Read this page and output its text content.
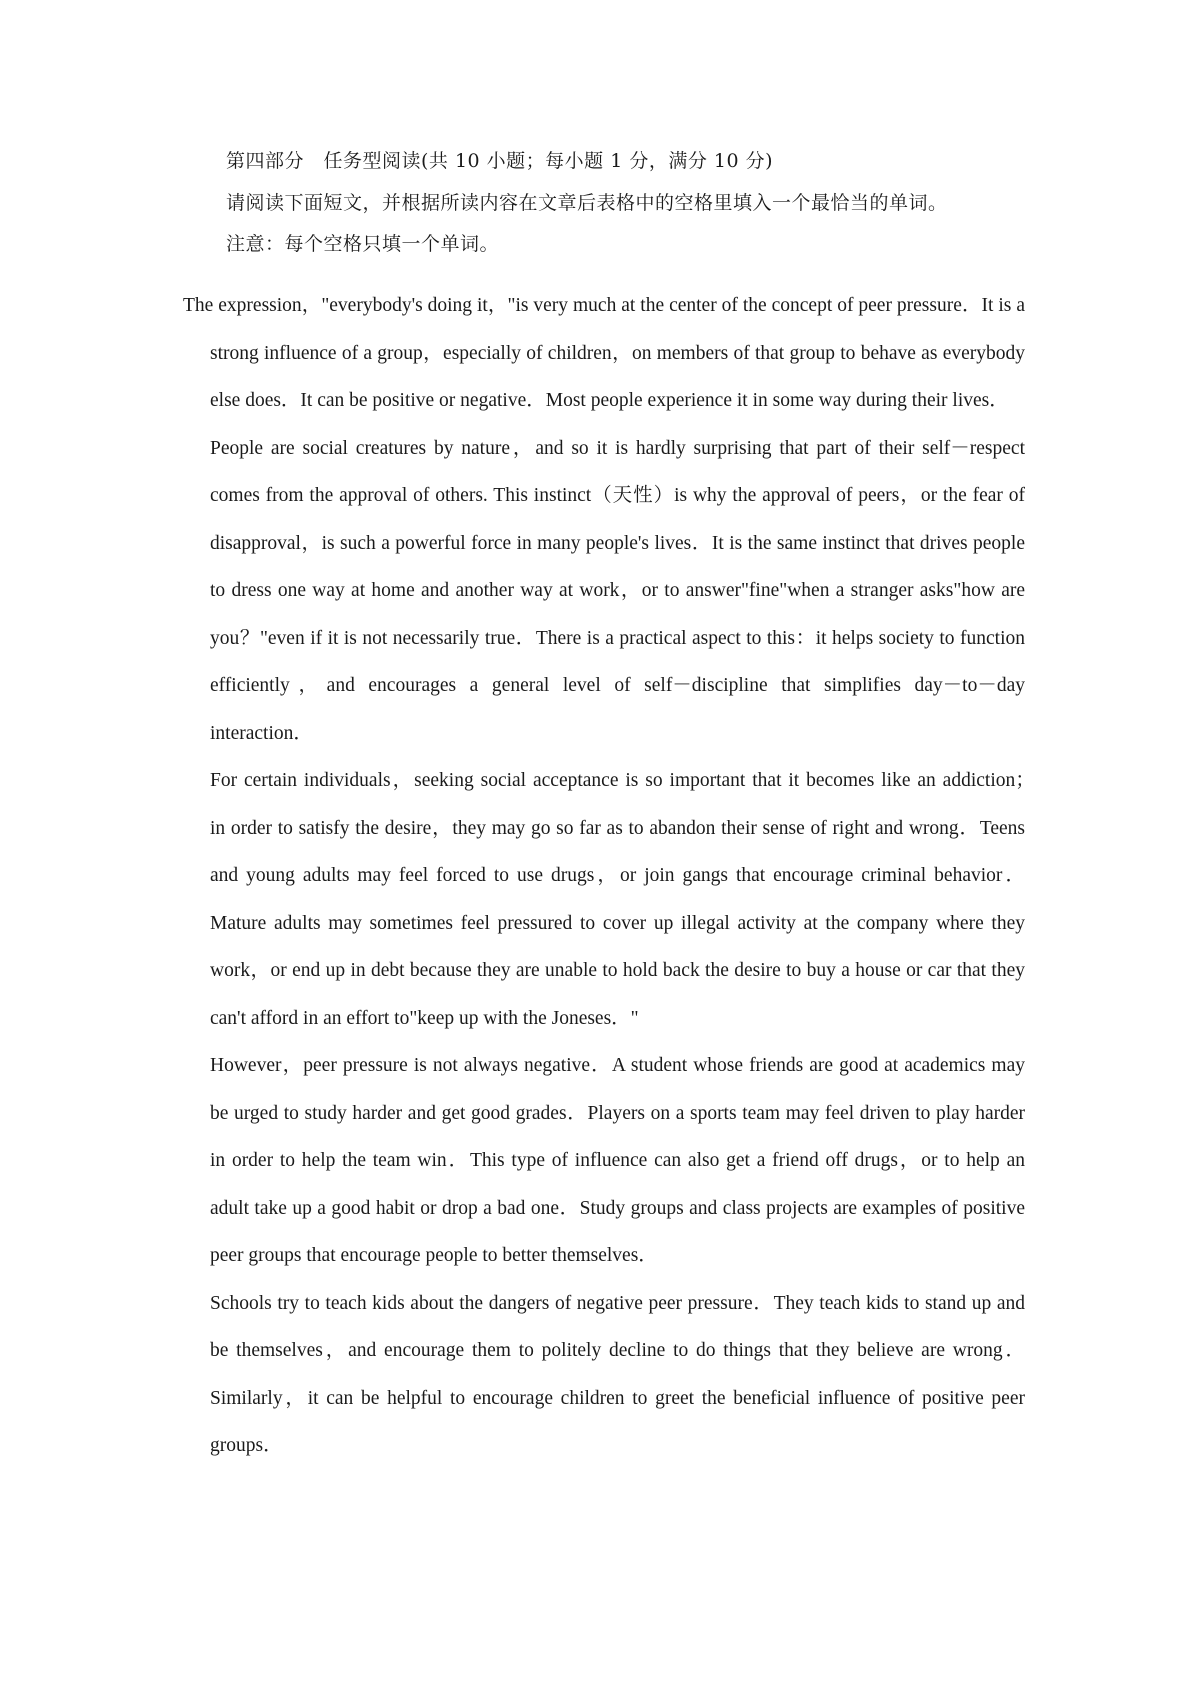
第四部分　任务型阅读(共 10 小题；每小题 1 分，满分 10 分)
请阅读下面短文，并根据所读内容在文章后表格中的空格里填入一个最恰当的单词。
注意：每个空格只填一个单词。

The expression，"everybody's doing it，"is very much at the center of the concept of peer pressure．It is a strong influence of a group，especially of children，on members of that group to behave as everybody else does．It can be positive or negative．Most people experience it in some way during their lives．

People are social creatures by nature，and so it is hardly surprising that part of their self－respect comes from the approval of others. This instinct（天性）is why the approval of peers，or the fear of disapproval，is such a powerful force in many people's lives．It is the same instinct that drives people to dress one way at home and another way at work，or to answer"fine"when a stranger asks"how are you？"even if it is not necessarily true．There is a practical aspect to this：it helps society to function efficiently，and encourages a general level of self－discipline that simplifies day－to－day interaction．

For certain individuals，seeking social acceptance is so important that it becomes like an addiction；　in order to satisfy the desire，they may go so far as to abandon their sense of right and wrong．Teens and young adults may feel forced to use drugs，or join gangs that encourage criminal behavior．Mature adults may sometimes feel pressured to cover up illegal activity at the company where they work，or end up in debt because they are unable to hold back the desire to buy a house or car that they can't afford in an effort to"keep up with the Joneses．"

However，peer pressure is not always negative．A student whose friends are good at academics may be urged to study harder and get good grades．Players on a sports team may feel driven to play harder in order to help the team win．This type of influence can also get a friend off drugs，or to help an adult take up a good habit or drop a bad one．Study groups and class projects are examples of positive peer groups that encourage people to better themselves．

Schools try to teach kids about the dangers of negative peer pressure．They teach kids to stand up and be themselves，and encourage them to politely decline to do things that they believe are wrong．Similarly，it can be helpful to encourage children to greet the beneficial influence of positive peer groups．
